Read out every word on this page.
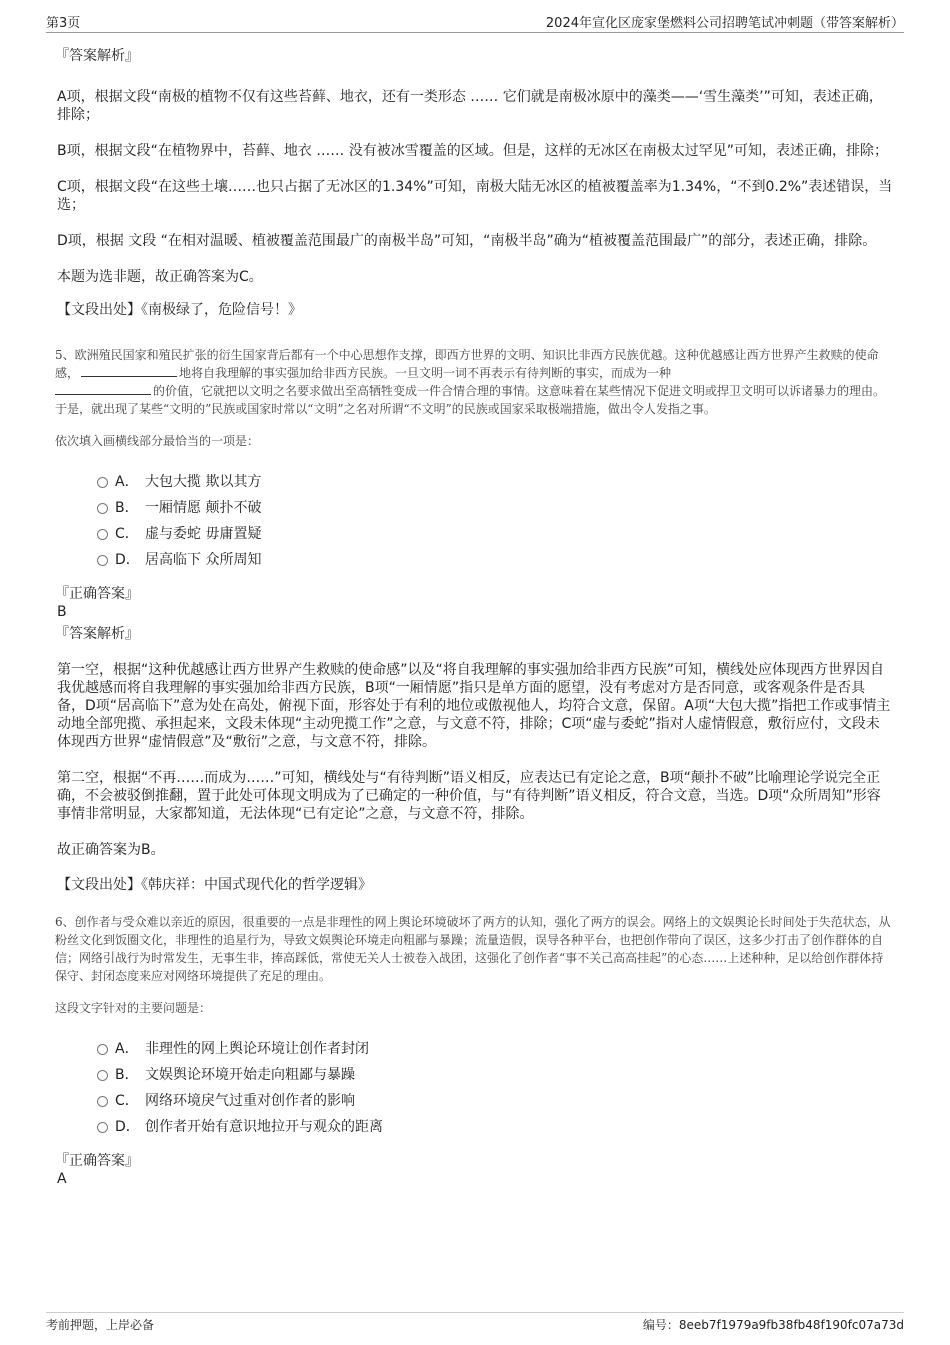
第3页	2024年宣化区庞家堡燃料公司招聘笔试冲刺题（带答案解析）
『答案解析』

A项，根据文段“南极的植物不仅有这些苔藓、地衣，还有一类形态 …… 它们就是南极冰原中的藻类——‘雪生藻类’”可知，表述正确，排除；

B项，根据文段“在植物界中，苔藓、地衣 …… 没有被冰雪覆盖的区域。但是，这样的无冰区在南极太过罕见”可知，表述正确，排除；

C项，根据文段“在这些土壤……也只占据了无冰区的1.34%”可知，南极大陆无冰区的植被覆盖率为1.34%，“不到0.2%”表述错误，当选；

D项，根据 文段 “在相对温暖、植被覆盖范围最广的南极半岛”可知，“南极半岛”确为“植被覆盖范围最广”的部分，表述正确，排除。

本题为选非题，故正确答案为C。

【文段出处】《南极绿了，危险信号！》
5、欧洲殖民国家和殖民扩张的衍生国家背后都有一个中心思想作支撑，即西方世界的文明、知识比非西方民族优越。这种优越感让西方世界产生救赎的使命感，	地将自我理解的事实强加给非西方民族。一旦文明一词不再表示有待判断的事实，而成为一种
的价值，它就把以文明之名要求做出至高牺牲变成一件合情合理的事情。这意味着在某些情况下促进文明或捍卫文明可以诉诸暴力的理由。于是，就出现了某些“文明的”民族或国家时常以“文明”之名对所谓“不文明”的民族或国家采取极端措施，做出令人发指之事。
依次填入画横线部分最恰当的一项是：
A． 大包大揽 欺以其方
B． 一厢情愿 颠扑不破
C． 虚与委蛇 毋庸置疑
D． 居高临下 众所周知
『正确答案』
B
『答案解析』

第一空，根据“这种优越感让西方世界产生救赎的使命感”以及“将自我理解的事实强加给非西方民族”可知，横线处应体现西方世界因自我优越感而将自我理解的事实强加给非西方民族，B项“一厢情愿”指只是单方面的愿望，没有考虑对方是否同意，或客观条件是否具备，D项“居高临下”意为处在高处，俯视下面，形容处于有利的地位或傲视他人，均符合文意，保留。A项“大包大揽”指把工作或事情主动地全部兜揽、承担起来，文段未体现“主动兜揽工作”之意，与文意不符，排除；C项“虚与委蛇”指对人虚情假意，敷衍应付，文段未体现西方世界“虚情假意”及“敷衍”之意，与文意不符，排除。

第二空，根据“不再……而成为……”可知，横线处与“有待判断”语义相反，应表达已有定论之意，B项“颠扑不破”比喻理论学说完全正确，不会被驳倒推翻，置于此处可体现文明成为了已确定的一种价值，与“有待判断”语义相反，符合文意，当选。D项“众所周知”形容事情非常明显，大家都知道，无法体现“已有定论”之意，与文意不符，排除。

故正确答案为B。

【文段出处】《韩庆祥：中国式现代化的哲学逻辑》
6、创作者与受众难以亲近的原因，很重要的一点是非理性的网上舆论环境破坏了两方的认知，强化了两方的误会。网络上的文娱舆论长时间处于失范状态，从粉丝文化到饭圈文化，非理性的追星行为，导致文娱舆论环境走向粗鄙与暴躁；流量造假，误导各种平台，也把创作带向了误区，这多少打击了创作群体的自信；网络引战行为时常发生，无事生非，捧高踩低，常使无关人士被卷入战团，这强化了创作者“事不关己高高挂起”的心态……上述种种，足以给创作群体持保守、封闭态度来应对网络环境提供了充足的理由。
这段文字针对的主要问题是：
A． 非理性的网上舆论环境让创作者封闭
B． 文娱舆论环境开始走向粗鄙与暴躁
C． 网络环境戾气过重对创作者的影响
D． 创作者开始有意识地拉开与观众的距离
『正确答案』
A
考前押题，上岸必备	编号：8eeb7f1979a9fb38fb48f190fc07a73d
